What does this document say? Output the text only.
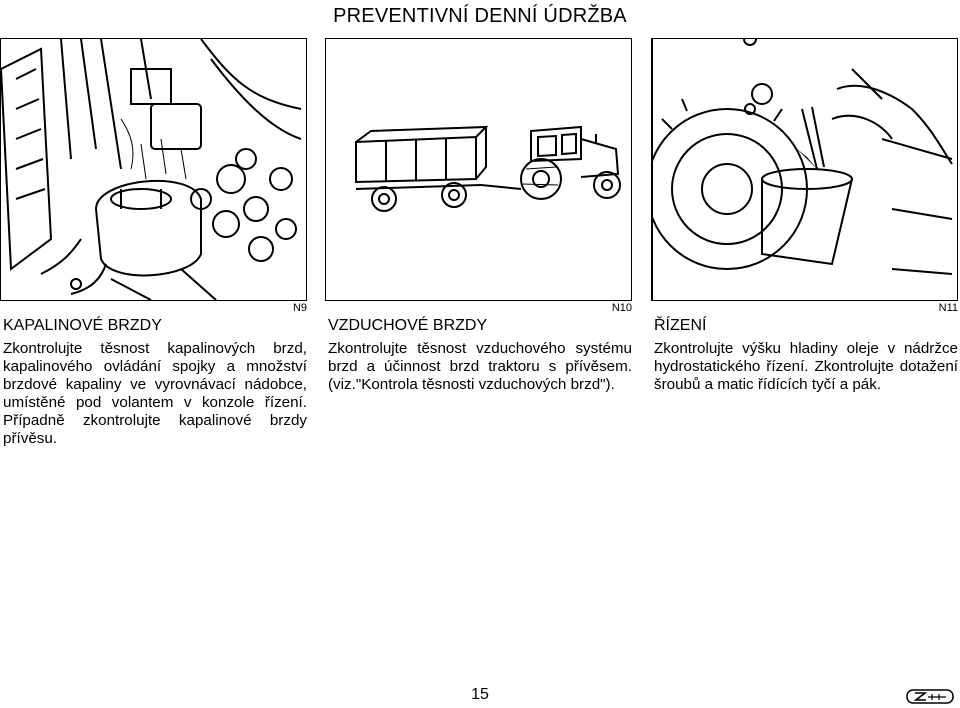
PREVENTIVNÍ DENNÍ ÚDRŽBA
N9
KAPALINOVÉ BRZDY
Zkontrolujte těsnost kapalinových brzd, kapalinového ovládání spojky a množství brzdové kapaliny ve vyrovnávací nádobce, umístěné pod volantem v konzole řízení. Případně zkontrolujte kapalinové brzdy přívěsu.
N10
VZDUCHOVÉ BRZDY
Zkontrolujte těsnost vzduchového systému brzd a účinnost brzd traktoru s přívěsem. (viz."Kontrola těsnosti vzduchových brzd").
N11
ŘÍZENÍ
Zkontrolujte výšku hladiny oleje v nádržce hydrostatického řízení. Zkontrolujte dotažení šroubů a matic řídících tyčí a pák.
15
